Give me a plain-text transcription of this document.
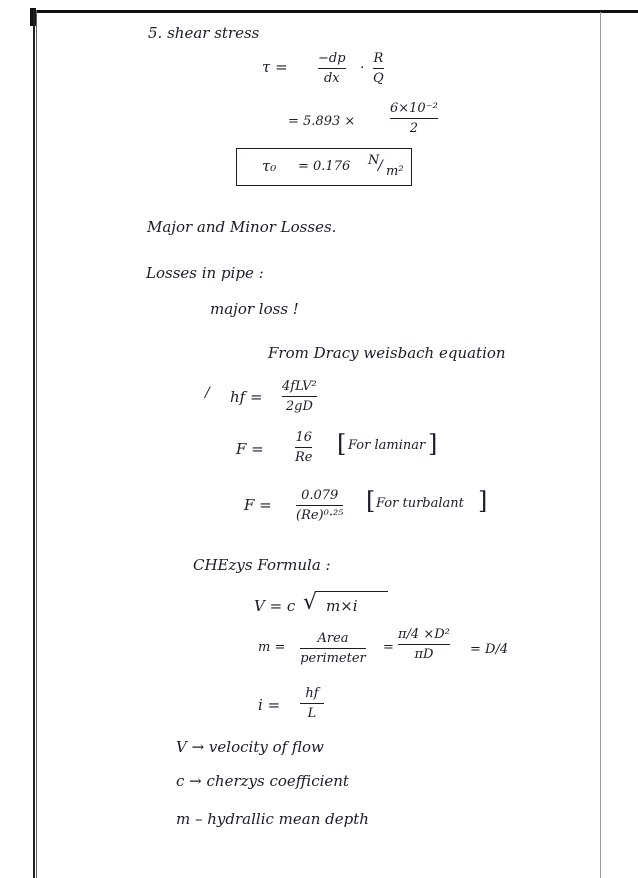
5. shear stress
τ = −dp
dx
·
R
Q
= 5.893 ×
6×10⁻²
2
τ₀ = 0.176 N
/ m²
Major and Minor Losses.
Losses in pipe :
major loss !
From Dracy weisbach equation
/ hf =
4fLV²
2gD
F =
16
Re [ For laminar ]
F =
0.079
(Re)⁰·²⁵
[ For turbalant ]
CHEzys Formula :
V = c √ m×i
m =
Area
perimeter
=
π/4 ×D²
πD	= D/4
i =
hf
L
V → velocity of flow
c → cherzys coefficient
m – hydrallic mean depth
